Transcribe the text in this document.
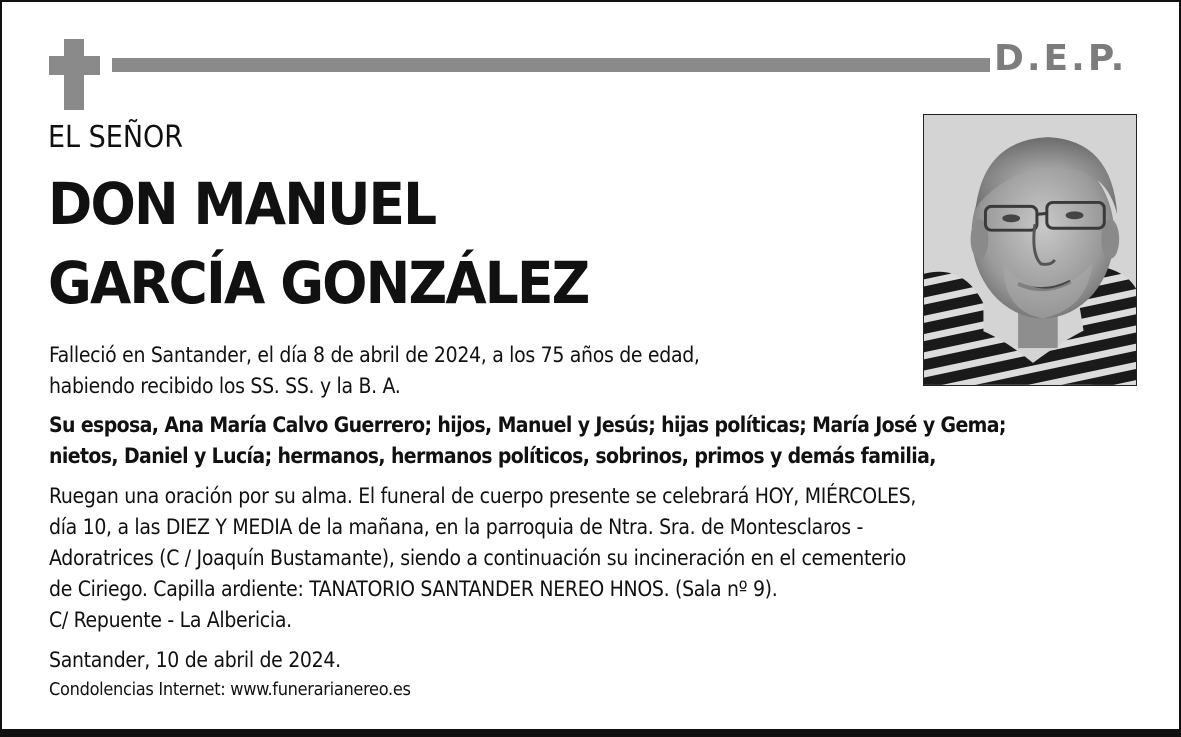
D.E.P.
EL SEÑOR
DON MANUEL
GARCÍA GONZÁLEZ
Falleció en Santander, el día 8 de abril de 2024, a los 75 años de edad,
habiendo recibido los SS. SS. y la B. A.
Su esposa, Ana María Calvo Guerrero; hijos, Manuel y Jesús; hijas políticas; María José y Gema;
nietos, Daniel y Lucía; hermanos, hermanos políticos, sobrinos, primos y demás familia,
Ruegan una oración por su alma. El funeral de cuerpo presente se celebrará HOY, MIÉRCOLES,
día 10, a las DIEZ Y MEDIA de la mañana, en la parroquia de Ntra. Sra. de Montesclaros -
Adoratrices (C / Joaquín Bustamante), siendo a continuación su incineración en el cementerio
de Ciriego. Capilla ardiente: TANATORIO SANTANDER NEREO HNOS. (Sala nº 9).
C/ Repuente - La Albericia.
Santander, 10 de abril de 2024.
Condolencias Internet: www.funerarianereo.es
